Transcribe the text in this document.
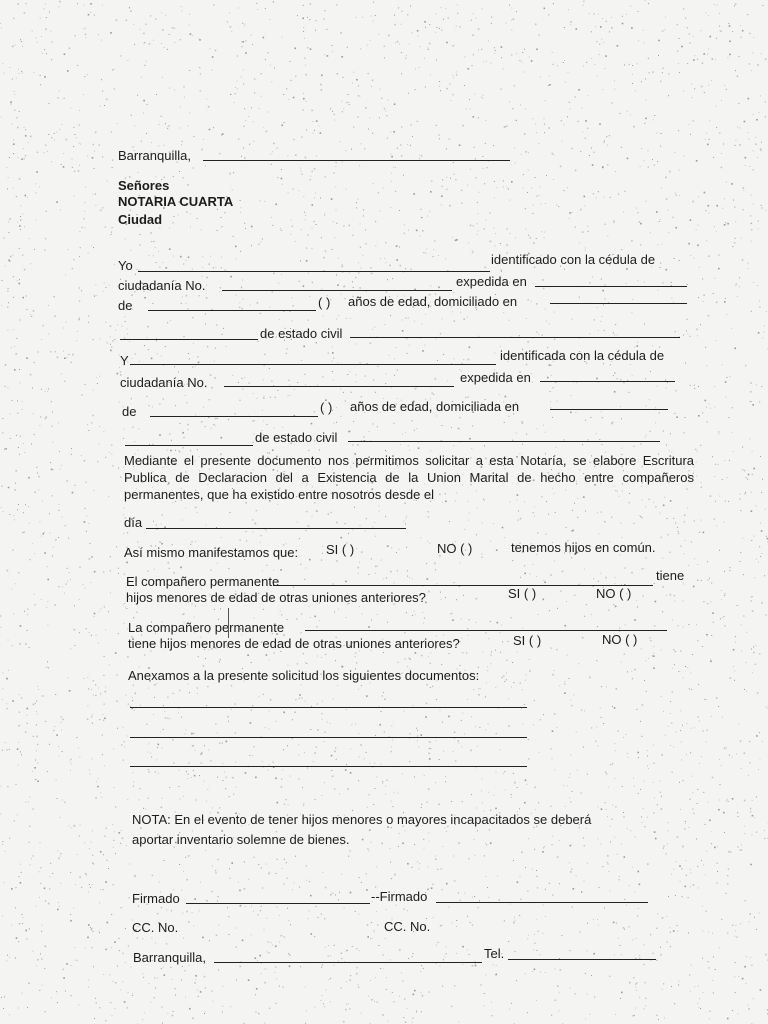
Barranquilla,
Señores
NOTARIA CUARTA
Ciudad
Yo	identificado con la cédula de
ciudadanía No.	expedida en
de	( ) años de edad, domiciliado en
de estado civil
Y	identificada con la cédula de
ciudadanía No.	expedida en
de	( ) años de edad, domiciliada en
de estado civil
Mediante el presente documento nos permitimos solicitar a esta Notaría, se elabore Escritura Publica de Declaracion del a Existencia de la Union Marital de hecho entre compañeros permanentes, que ha existido entre nosotros desde el
día
Así mismo manifestamos que: SI ( )	NO ( )	tenemos hijos en común.
El compañero permanente	tiene
hijos menores de edad de otras uniones anteriores?	SI ( )	NO ( )
La compañero permanente
tiene hijos menores de edad de otras uniones anteriores?	SI ( )	NO ( )
Anexamos a la presente solicitud los siguientes documentos:
NOTA: En el evento de tener hijos menores o mayores incapacitados se deberá
aportar inventario solemne de bienes.
Firmado	--Firmado
CC. No.	CC. No.
Barranquilla,	Tel.
